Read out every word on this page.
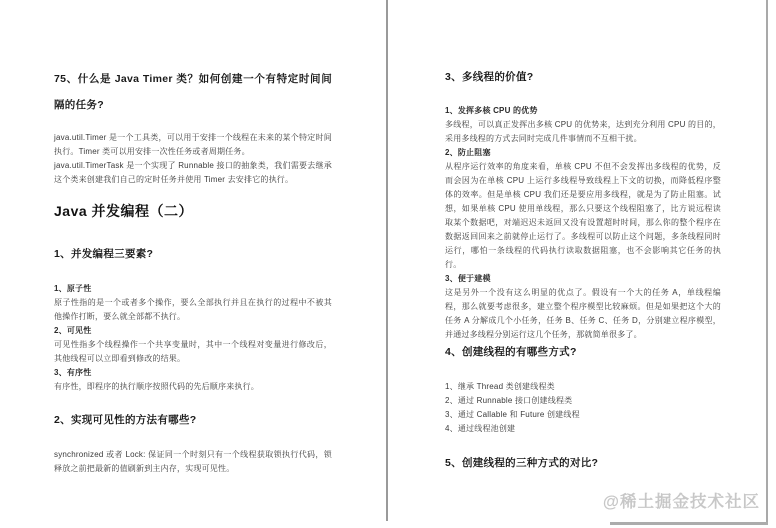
75、什么是 Java Timer 类？如何创建一个有特定时间间隔的任务?

java.util.Timer 是一个工具类，可以用于安排一个线程在未来的某个特定时间执行。Timer 类可以用安排一次性任务或者周期任务。

java.util.TimerTask 是一个实现了 Runnable 接口的抽象类，我们需要去继承这个类来创建我们自己的定时任务并使用 Timer 去安排它的执行。

Java 并发编程（二）
1、并发编程三要素?
1、原子性
原子性指的是一个或者多个操作，要么全部执行并且在执行的过程中不被其他操作打断，要么就全部都不执行。
2、可见性
可见性指多个线程操作一个共享变量时，其中一个线程对变量进行修改后，其他线程可以立即看到修改的结果。
3、有序性
有序性，即程序的执行顺序按照代码的先后顺序来执行。
2、实现可见性的方法有哪些?
synchronized 或者 Lock: 保证同一个时刻只有一个线程获取锁执行代码，锁释放之前把最新的值刷新到主内存，实现可见性。
3、多线程的价值?
1、发挥多核 CPU 的优势
多线程，可以真正发挥出多核 CPU 的优势来，达到充分利用 CPU 的目的，采用多线程的方式去同时完成几件事情而不互相干扰。
2、防止阻塞
从程序运行效率的角度来看，单核 CPU 不但不会发挥出多线程的优势，反而会因为在单核 CPU 上运行多线程导致线程上下文的切换，而降低程序整体的效率。但是单核 CPU 我们还是要应用多线程，就是为了防止阻塞。试想，如果单核 CPU 使用单线程，那么只要这个线程阻塞了，比方说远程读取某个数据吧，对端迟迟未返回又没有设置超时时间，那么你的整个程序在数据返回回来之前就停止运行了。多线程可以防止这个问题，多条线程同时运行，哪怕一条线程的代码执行读取数据阻塞，也不会影响其它任务的执行。
3、便于建模
这是另外一个没有这么明显的优点了。假设有一个大的任务 A，单线程编程，那么就要考虑很多，建立整个程序模型比较麻烦。但是如果把这个大的任务 A 分解成几个小任务，任务 B、任务 C、任务 D，分别建立程序模型，并通过多线程分别运行这几个任务，那就简单很多了。
4、创建线程的有哪些方式?
1、继承 Thread 类创建线程类
2、通过 Runnable 接口创建线程类
3、通过 Callable 和 Future 创建线程
4、通过线程池创建
5、创建线程的三种方式的对比?
@稀土掘金技术社区
